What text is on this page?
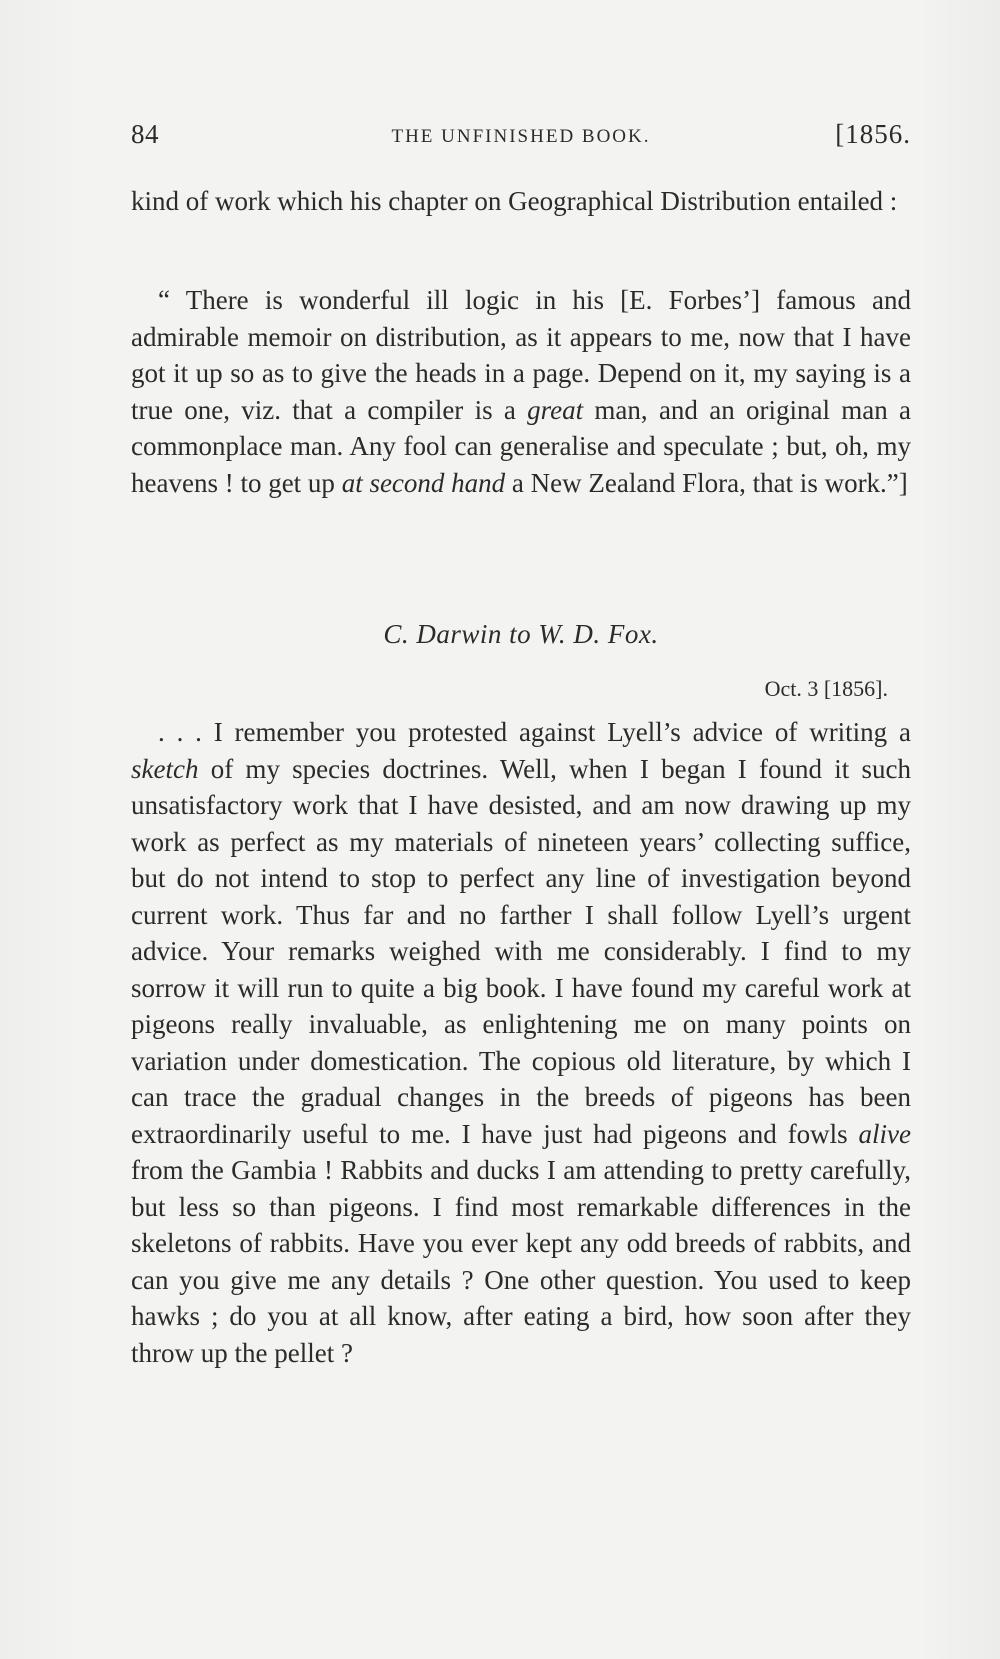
84	THE UNFINISHED BOOK.	[1856.

kind of work which his chapter on Geographical Distribution entailed :

“ There is wonderful ill logic in his [E. Forbes’] famous and admirable memoir on distribution, as it appears to me, now that I have got it up so as to give the heads in a page. Depend on it, my saying is a true one, viz. that a compiler is a great man, and an original man a commonplace man. Any fool can generalise and speculate ; but, oh, my heavens ! to get up at second hand a New Zealand Flora, that is work.”]

C. Darwin to W. D. Fox.
Oct. 3 [1856].

. . . I remember you protested against Lyell’s advice of writing a sketch of my species doctrines. Well, when I began I found it such unsatisfactory work that I have desisted, and am now drawing up my work as perfect as my materials of nineteen years’ collecting suffice, but do not intend to stop to perfect any line of investigation beyond current work. Thus far and no farther I shall follow Lyell’s urgent advice. Your remarks weighed with me considerably. I find to my sorrow it will run to quite a big book. I have found my careful work at pigeons really invaluable, as enlightening me on many points on variation under domestication. The copious old literature, by which I can trace the gradual changes in the breeds of pigeons has been extraordinarily useful to me. I have just had pigeons and fowls alive from the Gambia ! Rabbits and ducks I am attending to pretty carefully, but less so than pigeons. I find most remarkable differences in the skeletons of rabbits. Have you ever kept any odd breeds of rabbits, and can you give me any details ? One other question. You used to keep hawks ; do you at all know, after eating a bird, how soon after they throw up the pellet ?
